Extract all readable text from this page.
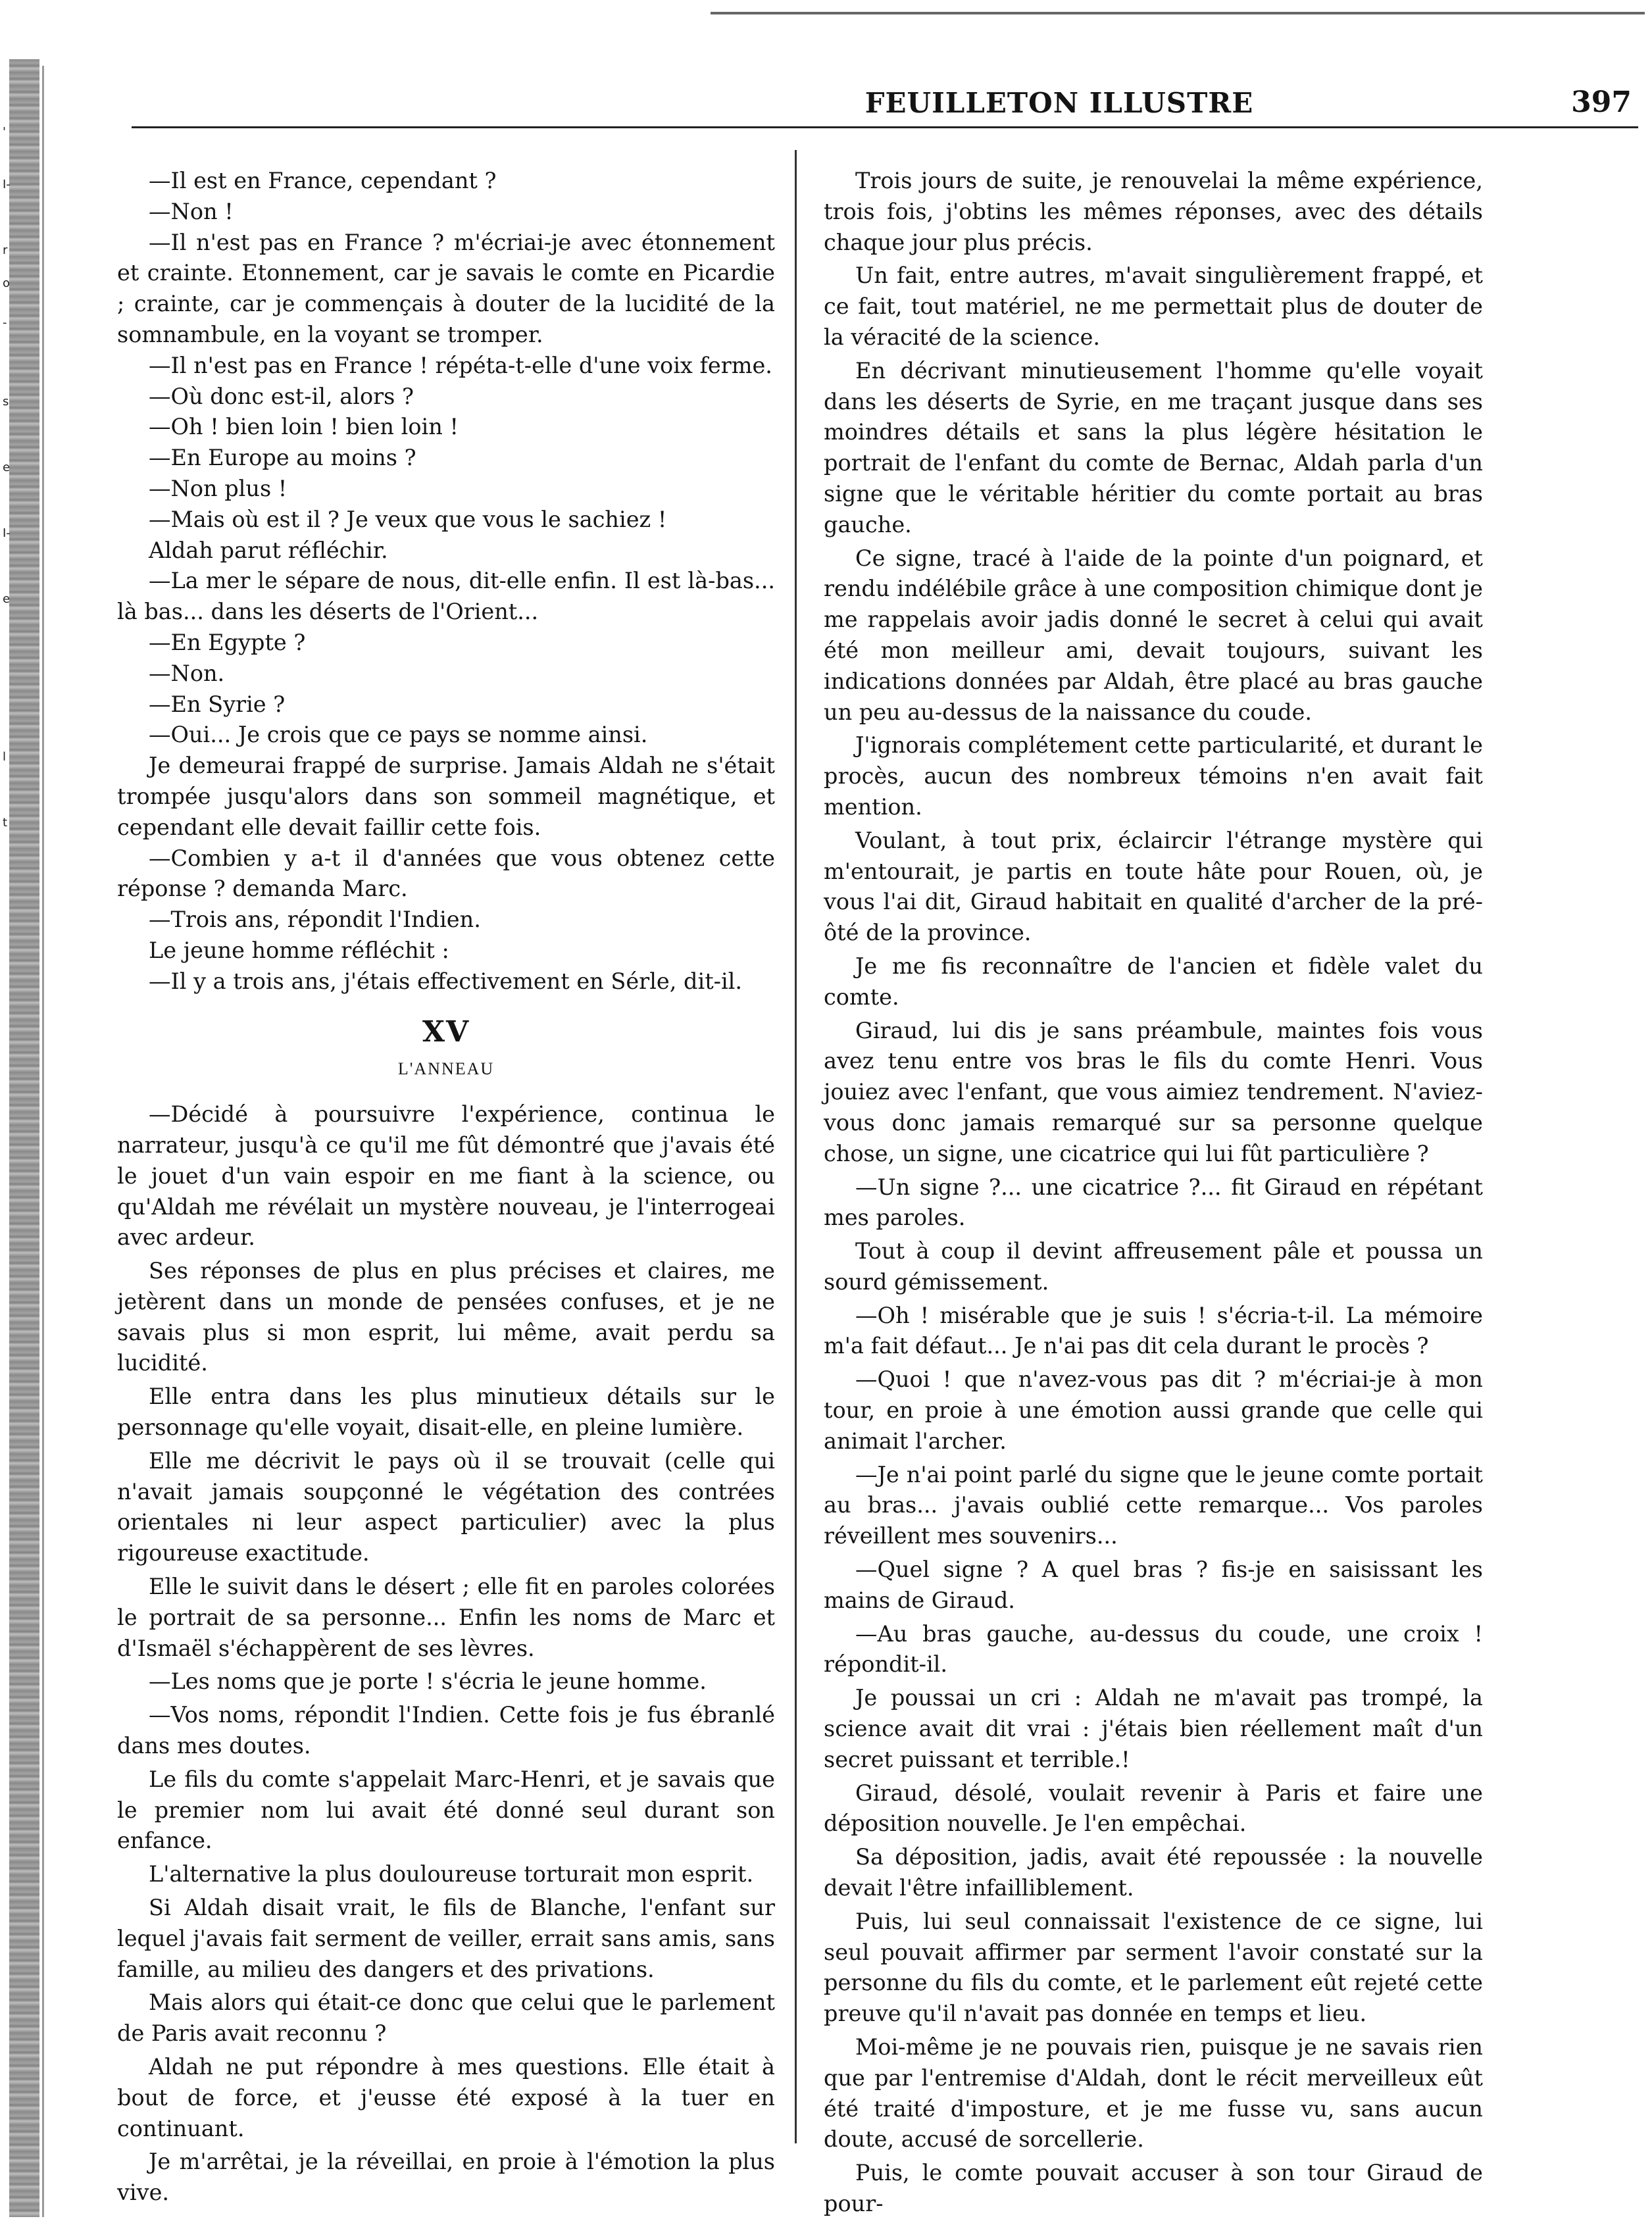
'
I-
r
o
-
s
e
I-
e
l
t
FEUILLETON ILLUSTRE	397

—Il est en France, cependant ?

—Non !

—Il n'est pas en France ? m'écriai-je avec étonnement et crainte. Etonnement, car je savais le comte en Picardie ; crainte, car je commençais à douter de la lucidité de la somnambule, en la voyant se tromper.

—Il n'est pas en France ! répéta-t-elle d'une voix ferme.

—Où donc est-il, alors ?

—Oh ! bien loin ! bien loin !

—En Europe au moins ?

—Non plus !

—Mais où est il ? Je veux que vous le sachiez !

Aldah parut réfléchir.

—La mer le sépare de nous, dit-elle enfin. Il est là-bas... là bas... dans les déserts de l'Orient...

—En Egypte ?

—Non.

—En Syrie ?

—Oui... Je crois que ce pays se nomme ainsi.

Je demeurai frappé de surprise. Jamais Aldah ne s'était trompée jusqu'alors dans son sommeil magnétique, et cependant elle devait faillir cette fois.

—Combien y a-t il d'années que vous obtenez cette réponse ? demanda Marc.

—Trois ans, répondit l'Indien.

Le jeune homme réfléchit :

—Il y a trois ans, j'étais effectivement en Sérle, dit-il.

XV
L'ANNEAU

—Décidé à poursuivre l'expérience, continua le narrateur, jusqu'à ce qu'il me fût démontré que j'avais été le jouet d'un vain espoir en me fiant à la science, ou qu'Aldah me révélait un mystère nouveau, je l'interrogeai avec ardeur.

Ses réponses de plus en plus précises et claires, me jetèrent dans un monde de pensées confuses, et je ne savais plus si mon esprit, lui même, avait perdu sa lucidité.

Elle entra dans les plus minutieux détails sur le personnage qu'elle voyait, disait-elle, en pleine lumière.

Elle me décrivit le pays où il se trouvait (celle qui n'avait jamais soupçonné le végétation des contrées orientales ni leur aspect particulier) avec la plus rigoureuse exactitude.

Elle le suivit dans le désert ; elle fit en paroles colorées le portrait de sa personne... Enfin les noms de Marc et d'Ismaël s'échappèrent de ses lèvres.

—Les noms que je porte ! s'écria le jeune homme.

—Vos noms, répondit l'Indien. Cette fois je fus ébranlé dans mes doutes.

Le fils du comte s'appelait Marc-Henri, et je savais que le premier nom lui avait été donné seul durant son enfance.

L'alternative la plus douloureuse torturait mon esprit.

Si Aldah disait vrait, le fils de Blanche, l'enfant sur lequel j'avais fait serment de veiller, errait sans amis, sans famille, au milieu des dangers et des privations.

Mais alors qui était-ce donc que celui que le parlement de Paris avait reconnu ?

Aldah ne put répondre à mes questions. Elle était à bout de force, et j'eusse été exposé à la tuer en continuant.

Je m'arrêtai, je la réveillai, en proie à l'émotion la plus vive.

Trois jours de suite, je renouvelai la même expérience, trois fois, j'obtins les mêmes réponses, avec des détails chaque jour plus précis.

Un fait, entre autres, m'avait singulièrement frappé, et ce fait, tout matériel, ne me permettait plus de douter de la véracité de la science.

En décrivant minutieusement l'homme qu'elle voyait dans les déserts de Syrie, en me traçant jusque dans ses moindres détails et sans la plus légère hésitation le portrait de l'enfant du comte de Bernac, Aldah parla d'un signe que le véritable héritier du comte portait au bras gauche.

Ce signe, tracé à l'aide de la pointe d'un poignard, et rendu indélébile grâce à une composition chimique dont je me rappelais avoir jadis donné le secret à celui qui avait été mon meilleur ami, devait toujours, suivant les indications données par Aldah, être placé au bras gauche un peu au-dessus de la naissance du coude.

J'ignorais complétement cette particularité, et durant le procès, aucun des nombreux témoins n'en avait fait mention.

Voulant, à tout prix, éclaircir l'étrange mystère qui m'entourait, je partis en toute hâte pour Rouen, où, je vous l'ai dit, Giraud habitait en qualité d'archer de la pré-ôté de la province.

Je me fis reconnaître de l'ancien et fidèle valet du comte.

Giraud, lui dis je sans préambule, maintes fois vous avez tenu entre vos bras le fils du comte Henri. Vous jouiez avec l'enfant, que vous aimiez tendrement. N'aviez-vous donc jamais remarqué sur sa personne quelque chose, un signe, une cicatrice qui lui fût particulière ?

—Un signe ?... une cicatrice ?... fit Giraud en répétant mes paroles.

Tout à coup il devint affreusement pâle et poussa un sourd gémissement.

—Oh ! misérable que je suis ! s'écria-t-il. La mémoire m'a fait défaut... Je n'ai pas dit cela durant le procès ?

—Quoi ! que n'avez-vous pas dit ? m'écriai-je à mon tour, en proie à une émotion aussi grande que celle qui animait l'archer.

—Je n'ai point parlé du signe que le jeune comte portait au bras... j'avais oublié cette remarque... Vos paroles réveillent mes souvenirs...

—Quel signe ? A quel bras ? fis-je en saisissant les mains de Giraud.

—Au bras gauche, au-dessus du coude, une croix ! répondit-il.

Je poussai un cri : Aldah ne m'avait pas trompé, la science avait dit vrai : j'étais bien réellement maît d'un secret puissant et terrible.!

Giraud, désolé, voulait revenir à Paris et faire une déposition nouvelle. Je l'en empêchai.

Sa déposition, jadis, avait été repoussée : la nouvelle devait l'être infailliblement.

Puis, lui seul connaissait l'existence de ce signe, lui seul pouvait affirmer par serment l'avoir constaté sur la personne du fils du comte, et le parlement eût rejeté cette preuve qu'il n'avait pas donnée en temps et lieu.

Moi-même je ne pouvais rien, puisque je ne savais rien que par l'entremise d'Aldah, dont le récit merveilleux eût été traité d'imposture, et je me fusse vu, sans aucun doute, accusé de sorcellerie.

Puis, le comte pouvait accuser à son tour Giraud de pour-
